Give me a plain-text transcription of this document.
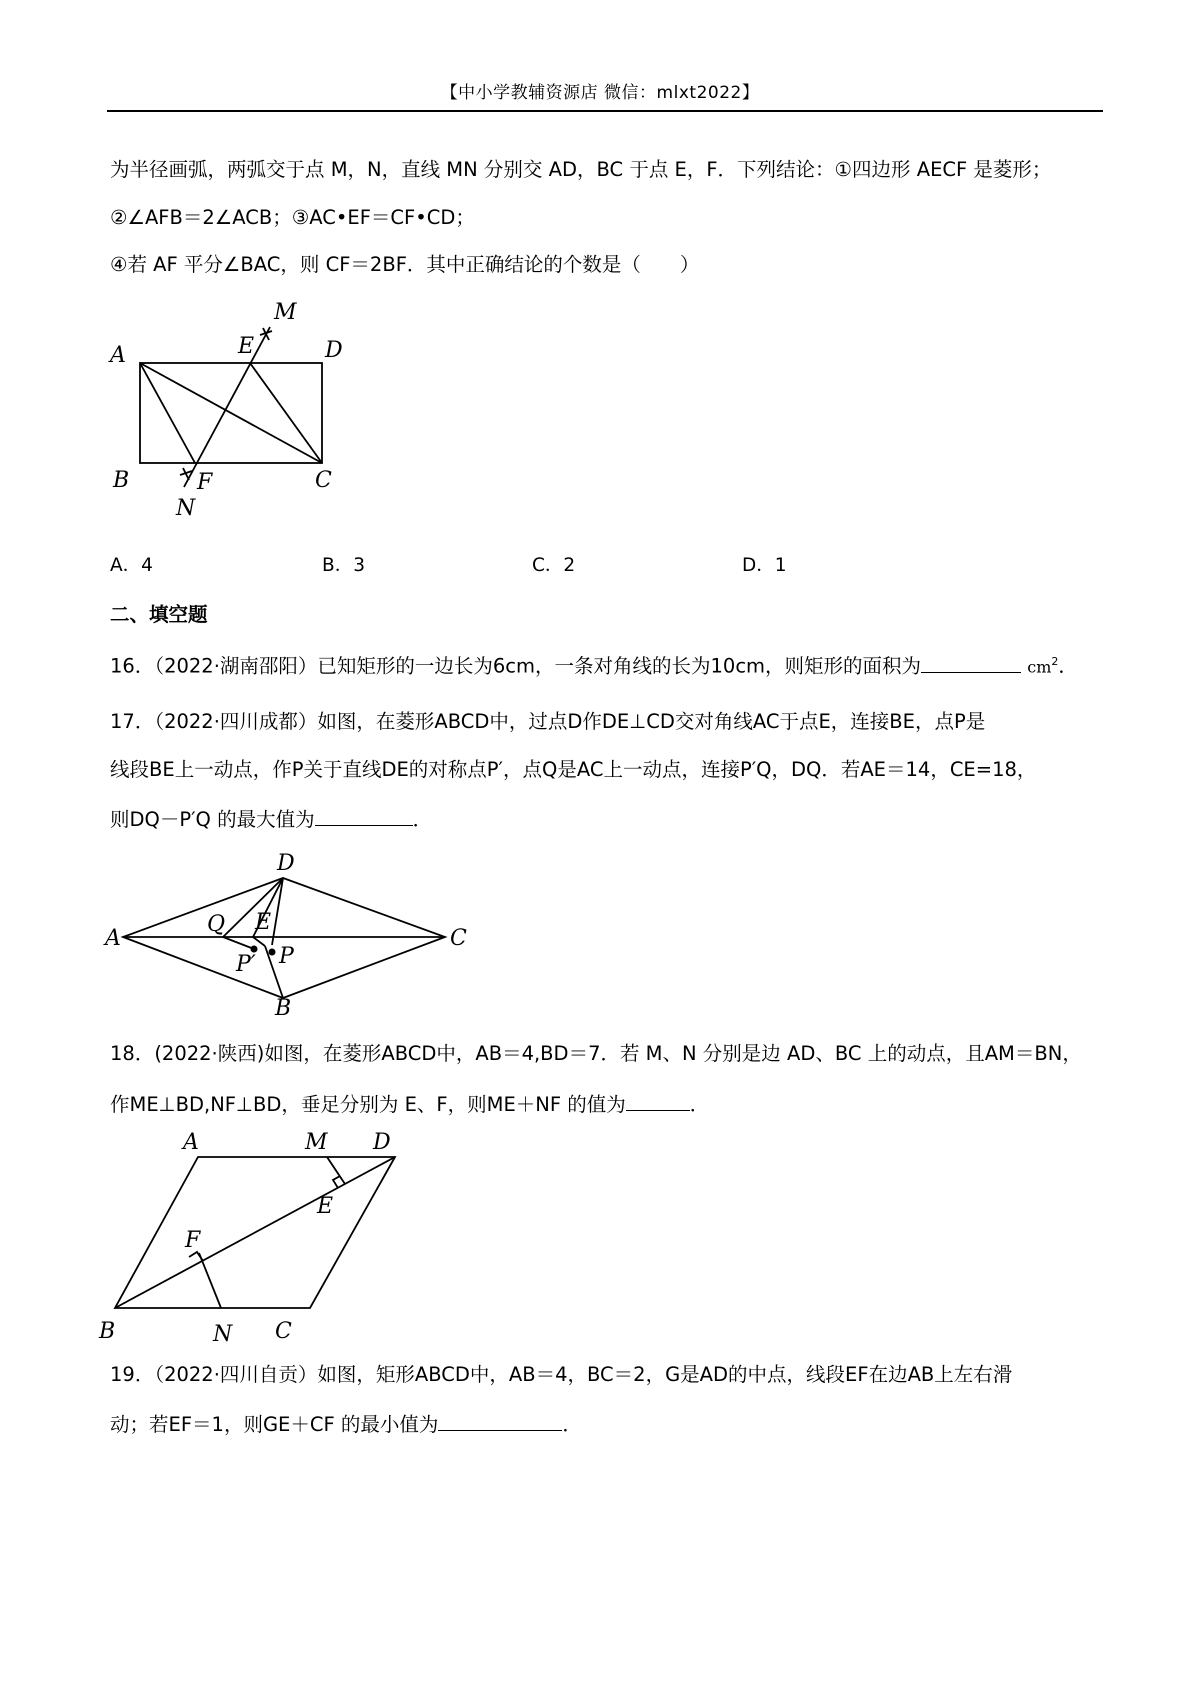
【中小学教辅资源店 微信：mlxt2022】
为半径画弧，两弧交于点 M，N，直线 MN 分别交 AD，BC 于点 E，F．下列结论：①四边形 AECF 是菱形；
②∠AFB＝2∠ACB；③AC•EF＝CF•CD；
④若 AF 平分∠BAC，则 CF＝2BF．其中正确结论的个数是（　　）
A
B	C
D
E
F
M
N
A．4	B．3	C．2	D．1
二、填空题
16．（2022·湖南邵阳）已知矩形的一边长为6cm，一条对角线的长为10cm，则矩形的面积为	$cm^2$．
17．（2022·四川成都）如图，在菱形ABCD中，过点D作DE⊥CD交对角线AC于点E，连接BE，点P是
线段BE上一动点，作P关于直线DE的对称点P′，点Q是AC上一动点，连接P′Q，DQ．若AE＝14，CE=18，
则DQ－P′Q 的最大值为	．
A
B
C
D
E
P
P′
Q
18．(2022·陕西)如图，在菱形ABCD中，AB＝4,BD＝7．若 M、N 分别是边 AD、BC 上的动点，且AM＝BN，
作ME⊥BD,NF⊥BD，垂足分别为 E、F，则ME＋NF 的值为	．
A
B	C
D
E
F
M
N
19．（2022·四川自贡）如图，矩形ABCD中，AB＝4，BC＝2，G是AD的中点，线段EF在边AB上左右滑
动；若EF＝1，则GE＋CF 的最小值为	．
